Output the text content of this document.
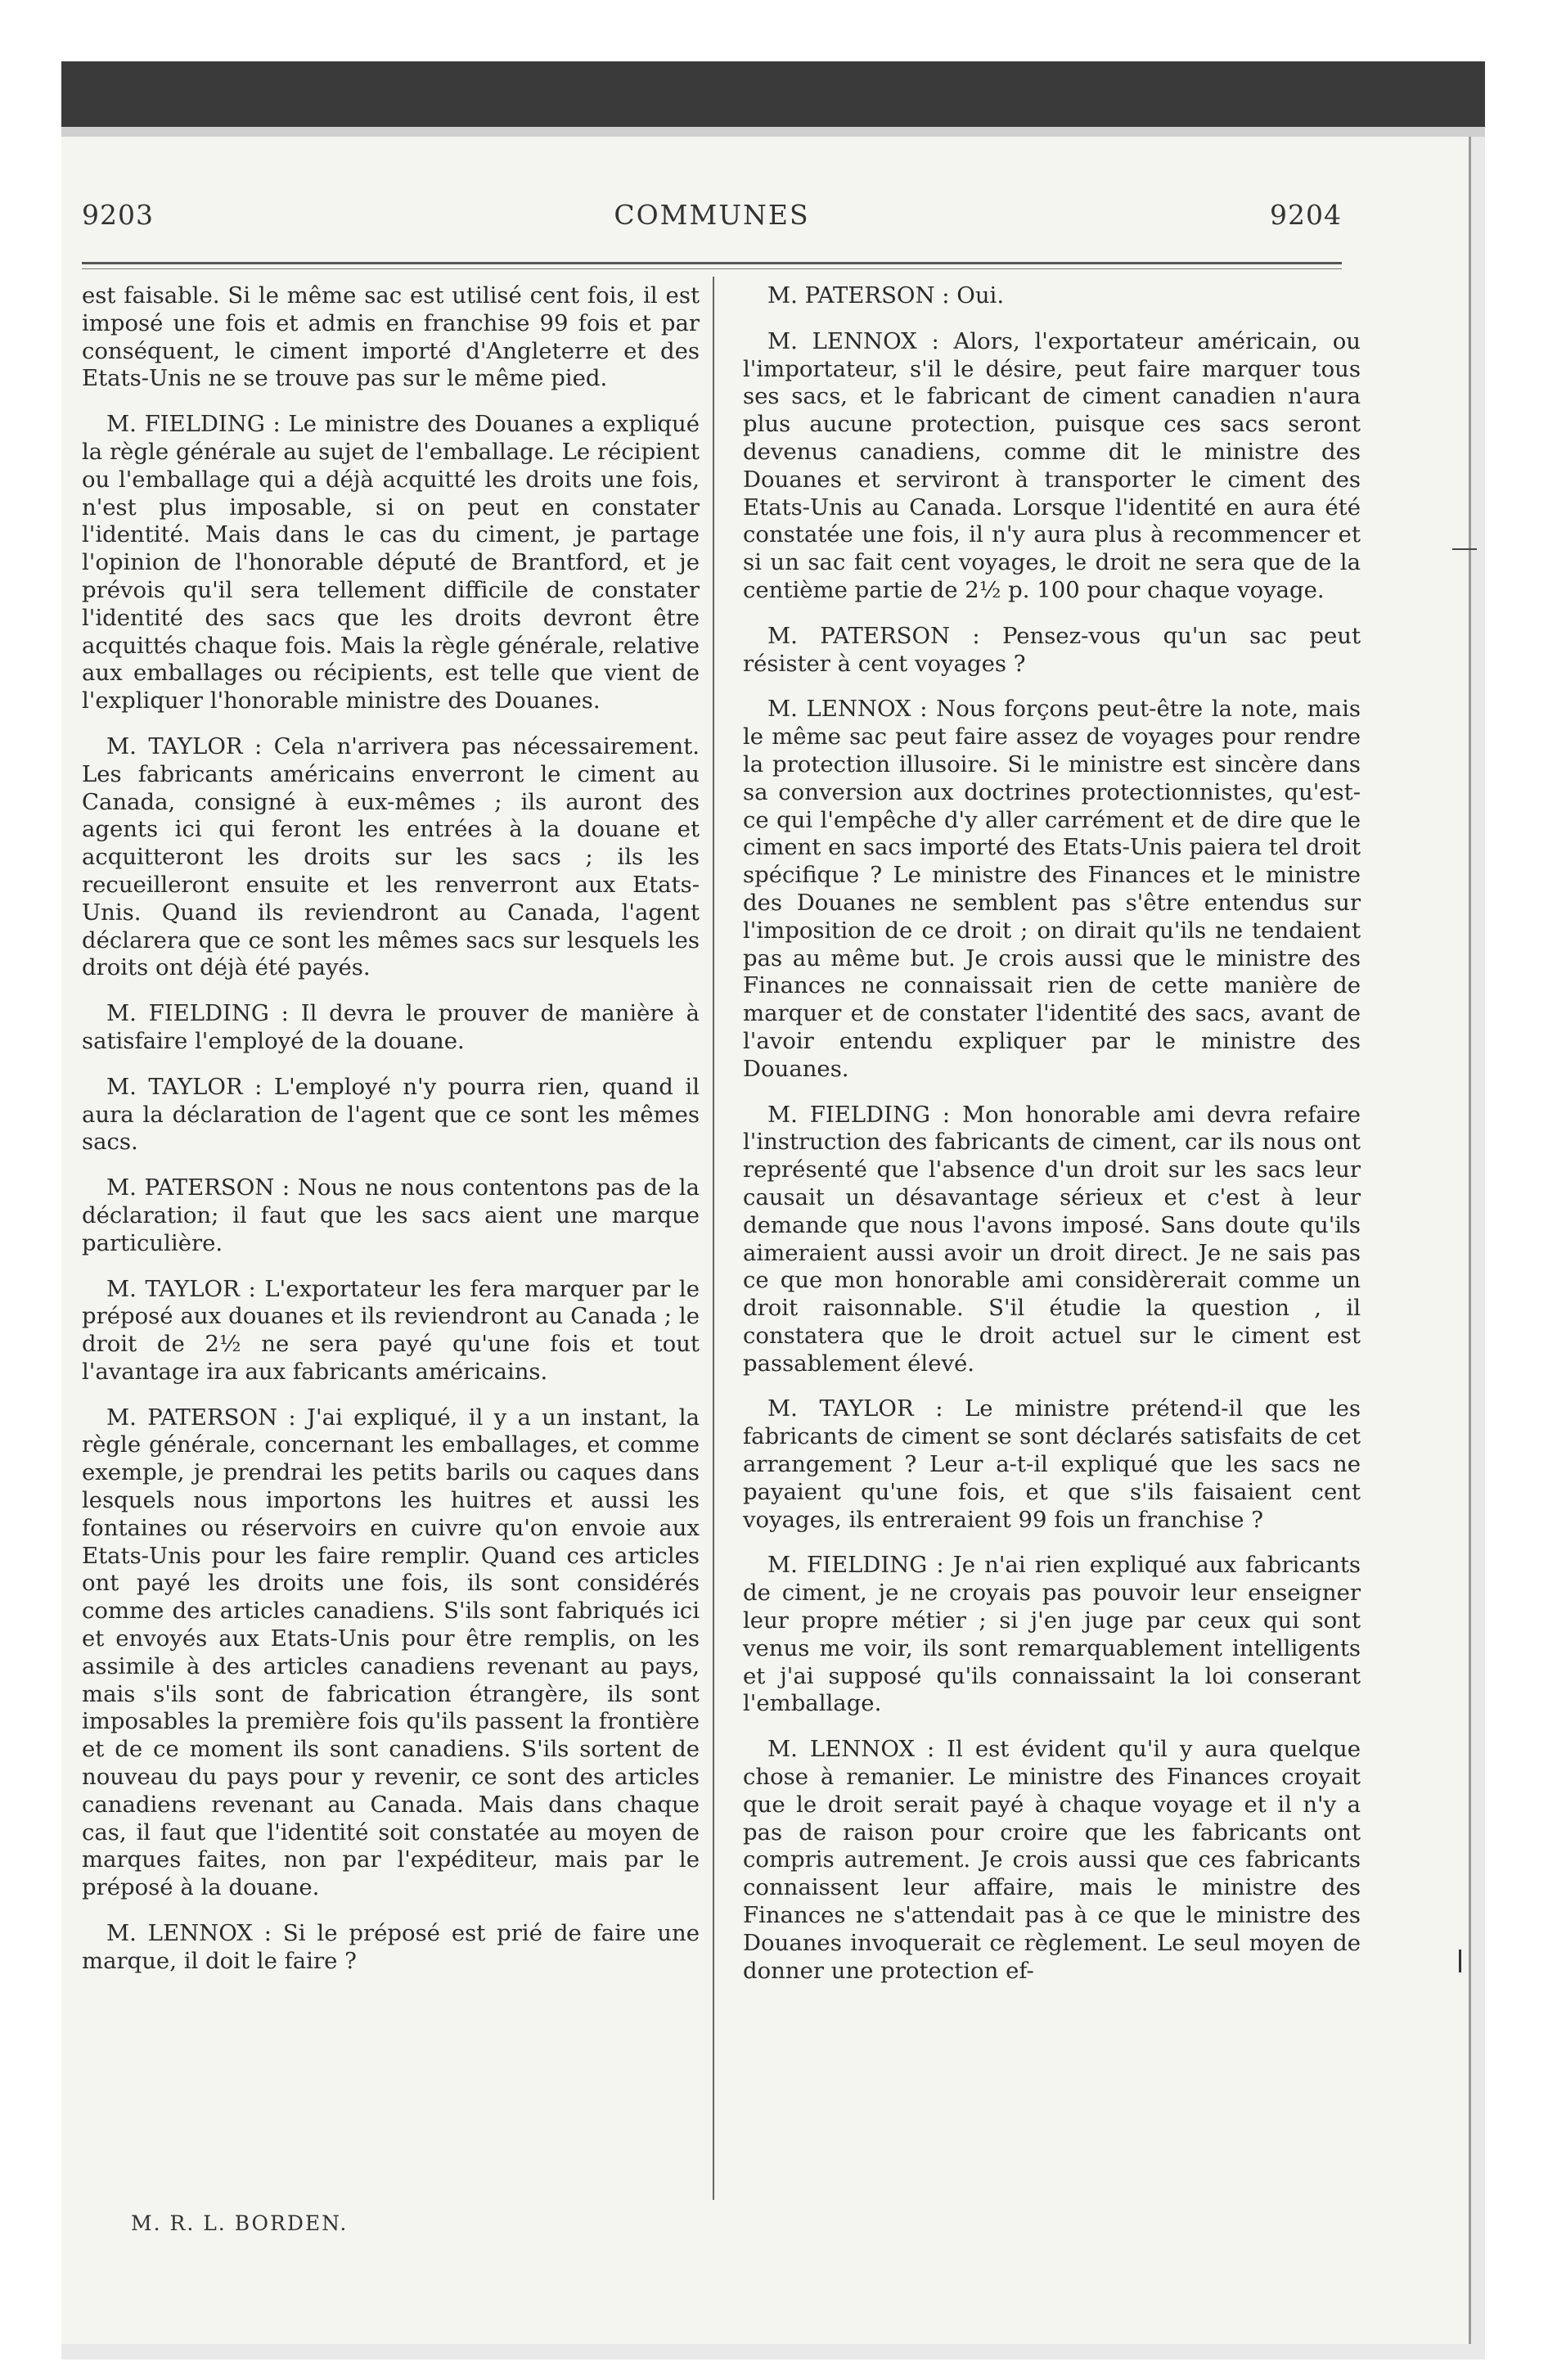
9203	COMMUNES	9204

est faisable. Si le même sac est utilisé cent fois, il est imposé une fois et admis en franchise 99 fois et par conséquent, le ciment importé d'Angleterre et des Etats-Unis ne se trouve pas sur le même pied.

M. FIELDING : Le ministre des Douanes a expliqué la règle générale au sujet de l'emballage. Le récipient ou l'emballage qui a déjà acquitté les droits une fois, n'est plus imposable, si on peut en constater l'identité. Mais dans le cas du ciment, je partage l'opinion de l'honorable député de Brantford, et je prévois qu'il sera tellement difficile de constater l'identité des sacs que les droits devront être acquittés chaque fois. Mais la règle générale, relative aux emballages ou récipients, est telle que vient de l'expliquer l'honorable ministre des Douanes.

M. TAYLOR : Cela n'arrivera pas nécessairement. Les fabricants américains enverront le ciment au Canada, consigné à eux-mêmes ; ils auront des agents ici qui feront les entrées à la douane et acquitteront les droits sur les sacs ; ils les recueilleront ensuite et les renverront aux Etats-Unis. Quand ils reviendront au Canada, l'agent déclarera que ce sont les mêmes sacs sur lesquels les droits ont déjà été payés.

M. FIELDING : Il devra le prouver de manière à satisfaire l'employé de la douane.

M. TAYLOR : L'employé n'y pourra rien, quand il aura la déclaration de l'agent que ce sont les mêmes sacs.

M. PATERSON : Nous ne nous contentons pas de la déclaration; il faut que les sacs aient une marque particulière.

M. TAYLOR : L'exportateur les fera marquer par le préposé aux douanes et ils reviendront au Canada ; le droit de 2½ ne sera payé qu'une fois et tout l'avantage ira aux fabricants américains.

M. PATERSON : J'ai expliqué, il y a un instant, la règle générale, concernant les emballages, et comme exemple, je prendrai les petits barils ou caques dans lesquels nous importons les huitres et aussi les fontaines ou réservoirs en cuivre qu'on envoie aux Etats-Unis pour les faire remplir. Quand ces articles ont payé les droits une fois, ils sont considérés comme des articles canadiens. S'ils sont fabriqués ici et envoyés aux Etats-Unis pour être remplis, on les assimile à des articles canadiens revenant au pays, mais s'ils sont de fabrication étrangère, ils sont imposables la première fois qu'ils passent la frontière et de ce moment ils sont canadiens. S'ils sortent de nouveau du pays pour y revenir, ce sont des articles canadiens revenant au Canada. Mais dans chaque cas, il faut que l'identité soit constatée au moyen de marques faites, non par l'expéditeur, mais par le préposé à la douane.

M. LENNOX : Si le préposé est prié de faire une marque, il doit le faire ?

M. PATERSON : Oui.

M. LENNOX : Alors, l'exportateur américain, ou l'importateur, s'il le désire, peut faire marquer tous ses sacs, et le fabricant de ciment canadien n'aura plus aucune protection, puisque ces sacs seront devenus canadiens, comme dit le ministre des Douanes et serviront à transporter le ciment des Etats-Unis au Canada. Lorsque l'identité en aura été constatée une fois, il n'y aura plus à recommencer et si un sac fait cent voyages, le droit ne sera que de la centième partie de 2½ p. 100 pour chaque voyage.

M. PATERSON : Pensez-vous qu'un sac peut résister à cent voyages ?

M. LENNOX : Nous forçons peut-être la note, mais le même sac peut faire assez de voyages pour rendre la protection illusoire. Si le ministre est sincère dans sa conversion aux doctrines protectionnistes, qu'est-ce qui l'empêche d'y aller carrément et de dire que le ciment en sacs importé des Etats-Unis paiera tel droit spécifique ? Le ministre des Finances et le ministre des Douanes ne semblent pas s'être entendus sur l'imposition de ce droit ; on dirait qu'ils ne tendaient pas au même but. Je crois aussi que le ministre des Finances ne connaissait rien de cette manière de marquer et de constater l'identité des sacs, avant de l'avoir entendu expliquer par le ministre des Douanes.

M. FIELDING : Mon honorable ami devra refaire l'instruction des fabricants de ciment, car ils nous ont représenté que l'absence d'un droit sur les sacs leur causait un désavantage sérieux et c'est à leur demande que nous l'avons imposé. Sans doute qu'ils aimeraient aussi avoir un droit direct. Je ne sais pas ce que mon honorable ami considèrerait comme un droit raisonnable. S'il étudie la question , il constatera que le droit actuel sur le ciment est passablement élevé.

M. TAYLOR : Le ministre prétend-il que les fabricants de ciment se sont déclarés satisfaits de cet arrangement ? Leur a-t-il expliqué que les sacs ne payaient qu'une fois, et que s'ils faisaient cent voyages, ils entreraient 99 fois un franchise ?

M. FIELDING : Je n'ai rien expliqué aux fabricants de ciment, je ne croyais pas pouvoir leur enseigner leur propre métier ; si j'en juge par ceux qui sont venus me voir, ils sont remarquablement intelligents et j'ai supposé qu'ils connaissaint la loi conserant l'emballage.

M. LENNOX : Il est évident qu'il y aura quelque chose à remanier. Le ministre des Finances croyait que le droit serait payé à chaque voyage et il n'y a pas de raison pour croire que les fabricants ont compris autrement. Je crois aussi que ces fabricants connaissent leur affaire, mais le ministre des Finances ne s'attendait pas à ce que le ministre des Douanes invoquerait ce règlement. Le seul moyen de donner une protection ef-

M. R. L. BORDEN.
